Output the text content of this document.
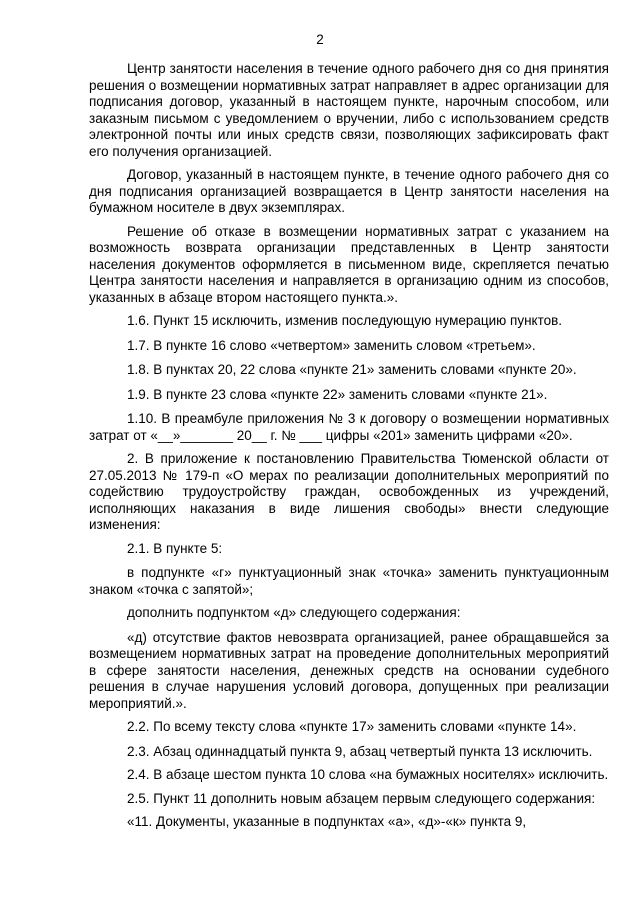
2

Центр занятости населения в течение одного рабочего дня со дня принятия решения о возмещении нормативных затрат направляет в адрес организации для подписания договор, указанный в настоящем пункте, нарочным способом, или заказным письмом с уведомлением о вручении, либо с использованием средств электронной почты или иных средств связи, позволяющих зафиксировать факт его получения организацией.

Договор, указанный в настоящем пункте, в течение одного рабочего дня со дня подписания организацией возвращается в Центр занятости населения на бумажном носителе в двух экземплярах.

Решение об отказе в возмещении нормативных затрат с указанием на возможность возврата организации представленных в Центр занятости населения документов оформляется в письменном виде, скрепляется печатью Центра занятости населения и направляется в организацию одним из способов, указанных в абзаце втором настоящего пункта.».

1.6. Пункт 15 исключить, изменив последующую нумерацию пунктов.

1.7. В пункте 16 слово «четвертом» заменить словом «третьем».

1.8. В пунктах 20, 22 слова «пункте 21» заменить словами «пункте 20».

1.9. В пункте 23 слова «пункте 22» заменить словами «пункте 21».

1.10. В преамбуле приложения № 3 к договору о возмещении нормативных затрат от «__»_______ 20__ г. № ___ цифры «201» заменить цифрами «20».

2. В приложение к постановлению Правительства Тюменской области от 27.05.2013 № 179-п «О мерах по реализации дополнительных мероприятий по содействию трудоустройству граждан, освобожденных из учреждений, исполняющих наказания в виде лишения свободы» внести следующие изменения:

2.1. В пункте 5:

в подпункте «г» пунктуационный знак «точка» заменить пунктуационным знаком «точка с запятой»;

дополнить подпунктом «д» следующего содержания:

«д) отсутствие фактов невозврата организацией, ранее обращавшейся за возмещением нормативных затрат на проведение дополнительных мероприятий в сфере занятости населения, денежных средств на основании судебного решения в случае нарушения условий договора, допущенных при реализации мероприятий.».

2.2. По всему тексту слова «пункте 17» заменить словами «пункте 14».

2.3. Абзац одиннадцатый пункта 9, абзац четвертый пункта 13 исключить.

2.4. В абзаце шестом пункта 10 слова «на бумажных носителях» исключить.

2.5. Пункт 11 дополнить новым абзацем первым следующего содержания:

«11. Документы, указанные в подпунктах «а», «д»-«к» пункта 9,
